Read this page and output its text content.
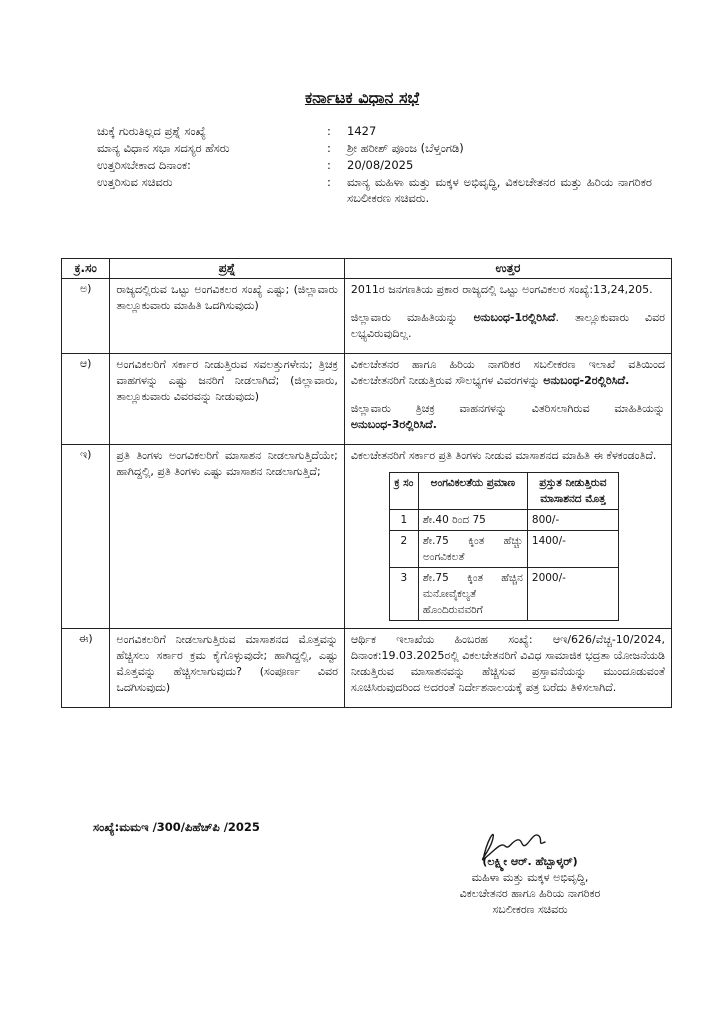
ಕರ್ನಾಟಕ ವಿಧಾನ ಸಭೆ
ಚುಕ್ಕೆ ಗುರುತಿಲ್ಲದ ಪ್ರಶ್ನೆ ಸಂಖ್ಯೆ	:	1427
ಮಾನ್ಯ ವಿಧಾನ ಸಭಾ ಸದಸ್ಯರ ಹೆಸರು	:	ಶ್ರೀ ಹರೀಶ್ ಪೂಂಜ (ಬೆಳ್ತಂಗಡಿ)
ಉತ್ತರಿಸಬೇಕಾದ ದಿನಾಂಕ:	:	20/08/2025
ಉತ್ತರಿಸುವ ಸಚಿವರು	:	ಮಾನ್ಯ ಮಹಿಳಾ ಮತ್ತು ಮಕ್ಕಳ ಅಭಿವೃದ್ಧಿ, ವಿಕಲಚೇತನರ ಮತ್ತು ಹಿರಿಯ ನಾಗರಿಕರ ಸಬಲೀಕರಣ ಸಚಿವರು.
ಕ್ರ.ಸಂ	ಪ್ರಶ್ನೆ	ಉತ್ತರ
ಅ)	ರಾಜ್ಯದಲ್ಲಿರುವ ಒಟ್ಟು ಅಂಗವಿಕಲರ ಸಂಖ್ಯೆ ಎಷ್ಟು; (ಜಿಲ್ಲಾವಾರು ತಾಲ್ಲೂಕುವಾರು ಮಾಹಿತಿ ಒದಗಿಸುವುದು)	

2011ರ ಜನಗಣತಿಯ ಪ್ರಕಾರ ರಾಜ್ಯದಲ್ಲಿ ಒಟ್ಟು ಅಂಗವಿಕಲರ ಸಂಖ್ಯೆ:13,24,205.

ಜಿಲ್ಲಾವಾರು ಮಾಹಿತಿಯನ್ನು ಅನುಬಂಧ-1ರಲ್ಲಿರಿಸಿದೆ. ತಾಲ್ಲೂಕುವಾರು ವಿವರ ಲಭ್ಯವಿರುವುದಿಲ್ಲ.

ಆ)	ಅಂಗವಿಕಲರಿಗೆ ಸರ್ಕಾರ ನೀಡುತ್ತಿರುವ ಸವಲತ್ತುಗಳೇನು; ತ್ರಿಚಕ್ರ ವಾಹಗಳನ್ನು ಎಷ್ಟು ಜನರಿಗೆ ನೀಡಲಾಗಿದೆ; (ಜಿಲ್ಲಾವಾರು, ತಾಲ್ಲೂಕುವಾರು ವಿವರವನ್ನು ನೀಡುವುದು)	

ವಿಕಲಚೇತನರ ಹಾಗೂ ಹಿರಿಯ ನಾಗರಿಕರ ಸಬಲೀಕರಣ ಇಲಾಖೆ ವತಿಯಿಂದ ವಿಕಲಚೇತನರಿಗೆ ನೀಡುತ್ತಿರುವ ಸೌಲಭ್ಯಗಳ ವಿವರಗಳನ್ನು ಅನುಬಂಧ-2ರಲ್ಲಿರಿಸಿದೆ.

ಜಿಲ್ಲಾವಾರು ತ್ರಿಚಕ್ರ ವಾಹನಗಳನ್ನು ವಿತರಿಸಲಾಗಿರುವ ಮಾಹಿತಿಯನ್ನು ಅನುಬಂಧ-3ರಲ್ಲಿರಿಸಿದೆ.

ಇ)	ಪ್ರತಿ ತಿಂಗಳು ಅಂಗವಿಕಲರಿಗೆ ಮಾಸಾಶನ ನೀಡಲಾಗುತ್ತಿದೆಯೇ; ಹಾಗಿದ್ದಲ್ಲಿ, ಪ್ರತಿ ತಿಂಗಳು ಎಷ್ಟು ಮಾಸಾಶನ ನೀಡಲಾಗುತ್ತಿದೆ;	

ವಿಕಲಚೇತನರಿಗೆ ಸರ್ಕಾರ ಪ್ರತಿ ತಿಂಗಳು ನೀಡುವ ಮಾಸಾಶನದ ಮಾಹಿತಿ ಈ ಕೆಳಕಂಡಂತಿದೆ.

ಕ್ರ ಸಂ	ಅಂಗವಿಕಲತೆಯ ಪ್ರಮಾಣ	ಪ್ರಸ್ತುತ ನೀಡುತ್ತಿರುವ ಮಾಸಾಶನದ ಮೊತ್ತ
1	ಶೇ.40 ರಿಂದ 75	800/-
2	ಶೇ.75 ಕ್ಕಿಂತ ಹೆಚ್ಚು ಅಂಗವಿಕಲತೆ	1400/-
3	ಶೇ.75 ಕ್ಕಿಂತ ಹೆಚ್ಚಿನ ಮನೋವೈಕಲ್ಯತೆ ಹೊಂದಿರುವವರಿಗೆ	2000/-

ಈ)	ಅಂಗವಿಕಲರಿಗೆ ನೀಡಲಾಗುತ್ತಿರುವ ಮಾಸಾಶನದ ಮೊತ್ತವನ್ನು ಹೆಚ್ಚಿಸಲು ಸರ್ಕಾರ ಕ್ರಮ ಕೈಗೊಳ್ಳುವುದೇ; ಹಾಗಿದ್ದಲ್ಲಿ, ಎಷ್ಟು ಮೊತ್ತವನ್ನು ಹೆಚ್ಚಿಸಲಾಗುವುದು? (ಸಂಪೂರ್ಣ ವಿವರ ಒದಗಿಸುವುದು)	

ಆರ್ಥಿಕ ಇಲಾಖೆಯ ಹಿಂಬರಹ ಸಂಖ್ಯೆ: ಆಇ/626/ವೆಚ್ಚ-10/2024, ದಿನಾಂಕ:19.03.2025ರಲ್ಲಿ ವಿಕಲಚೇತನರಿಗೆ ವಿವಿಧ ಸಾಮಾಜಿಕ ಭದ್ರತಾ ಯೋಜನೆಯಡಿ ನೀಡುತ್ತಿರುವ ಮಾಸಾಶನವನ್ನು ಹೆಚ್ಚಿಸುವ ಪ್ರಸ್ತಾವನೆಯನ್ನು ಮುಂದೂಡುವಂತೆ ಸೂಚಿಸಿರುವುದರಿಂದ ಅದರಂತೆ ನಿರ್ದೇಶನಾಲಯಕ್ಕೆ ಪತ್ರ ಬರೆದು ತಿಳಿಸಲಾಗಿದೆ.

ಸಂಖ್ಯೆ:ಮಮಇ /300/ಪಿಹೆಚ್‌ಪಿ /2025
(ಲಕ್ಷ್ಮೀ ಆರ್. ಹೆಬ್ಬಾಳ್ಕರ್)
ಮಹಿಳಾ ಮತ್ತು ಮಕ್ಕಳ ಅಭಿವೃದ್ಧಿ,
ವಿಕಲಚೇತನರ ಹಾಗೂ ಹಿರಿಯ ನಾಗರಿಕರ
ಸಬಲೀಕರಣ ಸಚಿವರು
